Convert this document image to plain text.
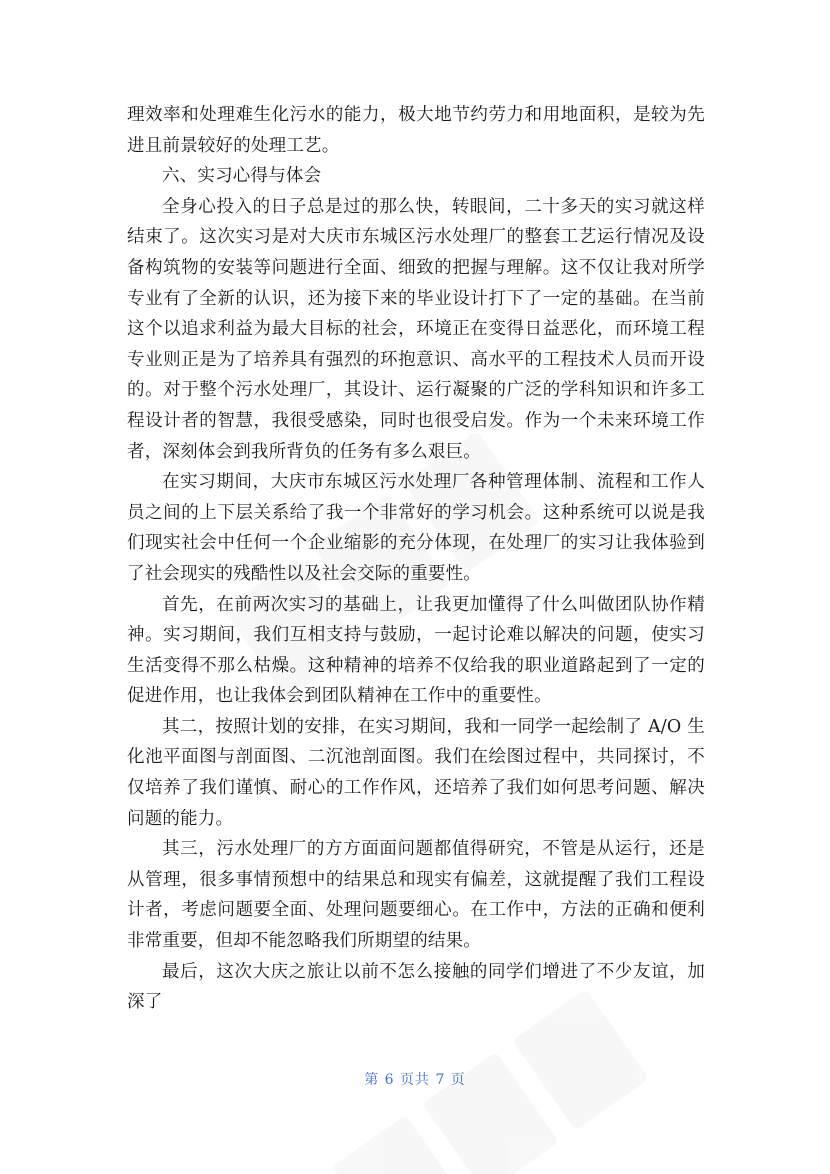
理效率和处理难生化污水的能力，极大地节约劳力和用地面积，是较为先进且前景较好的处理工艺。

六、实习心得与体会

全身心投入的日子总是过的那么快，转眼间，二十多天的实习就这样结束了。这次实习是对大庆市东城区污水处理厂的整套工艺运行情况及设备构筑物的安装等问题进行全面、细致的把握与理解。这不仅让我对所学专业有了全新的认识，还为接下来的毕业设计打下了一定的基础。在当前这个以追求利益为最大目标的社会，环境正在变得日益恶化，而环境工程专业则正是为了培养具有强烈的环抱意识、高水平的工程技术人员而开设的。对于整个污水处理厂，其设计、运行凝聚的广泛的学科知识和许多工程设计者的智慧，我很受感染，同时也很受启发。作为一个未来环境工作者，深刻体会到我所背负的任务有多么艰巨。

在实习期间，大庆市东城区污水处理厂各种管理体制、流程和工作人员之间的上下层关系给了我一个非常好的学习机会。这种系统可以说是我们现实社会中任何一个企业缩影的充分体现，在处理厂的实习让我体验到了社会现实的残酷性以及社会交际的重要性。

首先，在前两次实习的基础上，让我更加懂得了什么叫做团队协作精神。实习期间，我们互相支持与鼓励，一起讨论难以解决的问题，使实习生活变得不那么枯燥。这种精神的培养不仅给我的职业道路起到了一定的促进作用，也让我体会到团队精神在工作中的重要性。

其二，按照计划的安排，在实习期间，我和一同学一起绘制了 A/O 生化池平面图与剖面图、二沉池剖面图。我们在绘图过程中，共同探讨，不仅培养了我们谨慎、耐心的工作作风，还培养了我们如何思考问题、解决问题的能力。

其三，污水处理厂的方方面面问题都值得研究，不管是从运行，还是从管理，很多事情预想中的结果总和现实有偏差，这就提醒了我们工程设计者，考虑问题要全面、处理问题要细心。在工作中，方法的正确和便利非常重要，但却不能忽略我们所期望的结果。

最后，这次大庆之旅让以前不怎么接触的同学们增进了不少友谊，加深了

第 6 页共 7 页
